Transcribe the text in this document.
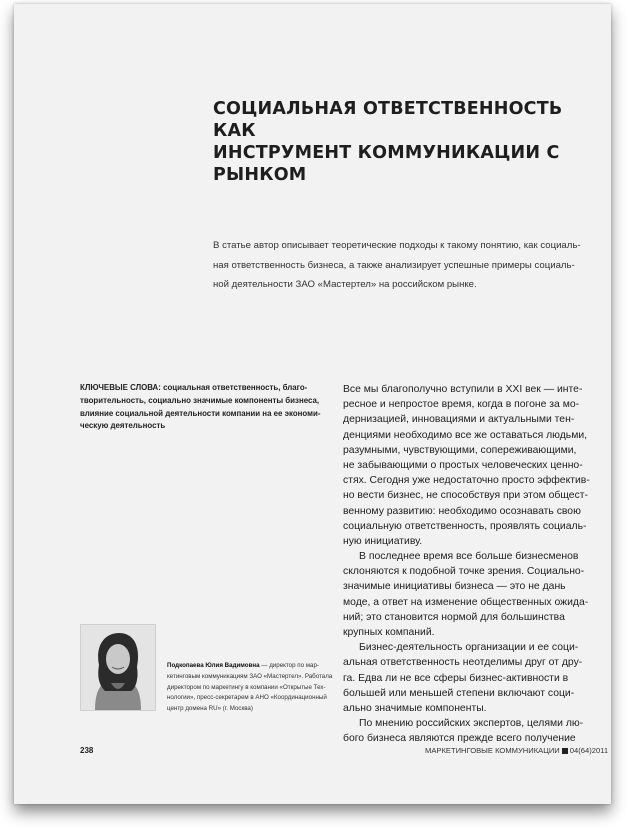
СОЦИАЛЬНАЯ ОТВЕТСТВЕННОСТЬ КАК
ИНСТРУМЕНТ КОММУНИКАЦИИ С РЫНКОМ
В статье автор описывает теоретические подходы к такому понятию, как социаль-
ная ответственность бизнеса, а также анализирует успешные примеры социаль-
ной деятельности ЗАО «Мастертел» на российском рынке.
КЛЮЧЕВЫЕ СЛОВА: социальная ответственность, благо-
творительность, социально значимые компоненты бизнеса,
влияние социальной деятельности компании на ее экономи-
ческую деятельность
Все мы благополучно вступили в XXI век — инте-
ресное и непростое время, когда в погоне за мо-
дернизацией, инновациями и актуальными тен-
денциями необходимо все же оставаться людьми,
разумными, чувствующими, сопереживающими,
не забывающими о простых человеческих ценно-
стях. Сегодня уже недостаточно просто эффектив-
но вести бизнес, не способствуя при этом общест-
венному развитию: необходимо осознавать свою
социальную ответственность, проявлять социаль-
ную инициативу.
В последнее время все больше бизнесменов
склоняются к подобной точке зрения. Социально-
значимые инициативы бизнеса — это не дань
моде, а ответ на изменение общественных ожида-
ний; это становится нормой для большинства
крупных компаний.
Бизнес-деятельность организации и ее соци-
альная ответственность неотделимы друг от дру-
га. Едва ли не все сферы бизнес-активности в
большей или меньшей степени включают соци-
ально значимые компоненты.
По мнению российских экспертов, целями лю-
бого бизнеса являются прежде всего получение
Подкопаева Юлия Вадимовна — директор по мар-
кетинговым коммуникациям ЗАО «Мастертел». Работала
директором по маркетингу в компании «Открытые Тех-
нологии», пресс-секретарем в АНО «Координационный
центр домена RU» (г. Москва)
238	МАРКЕТИНГОВЫЕ КОММУНИКАЦИИ 04(64)2011
